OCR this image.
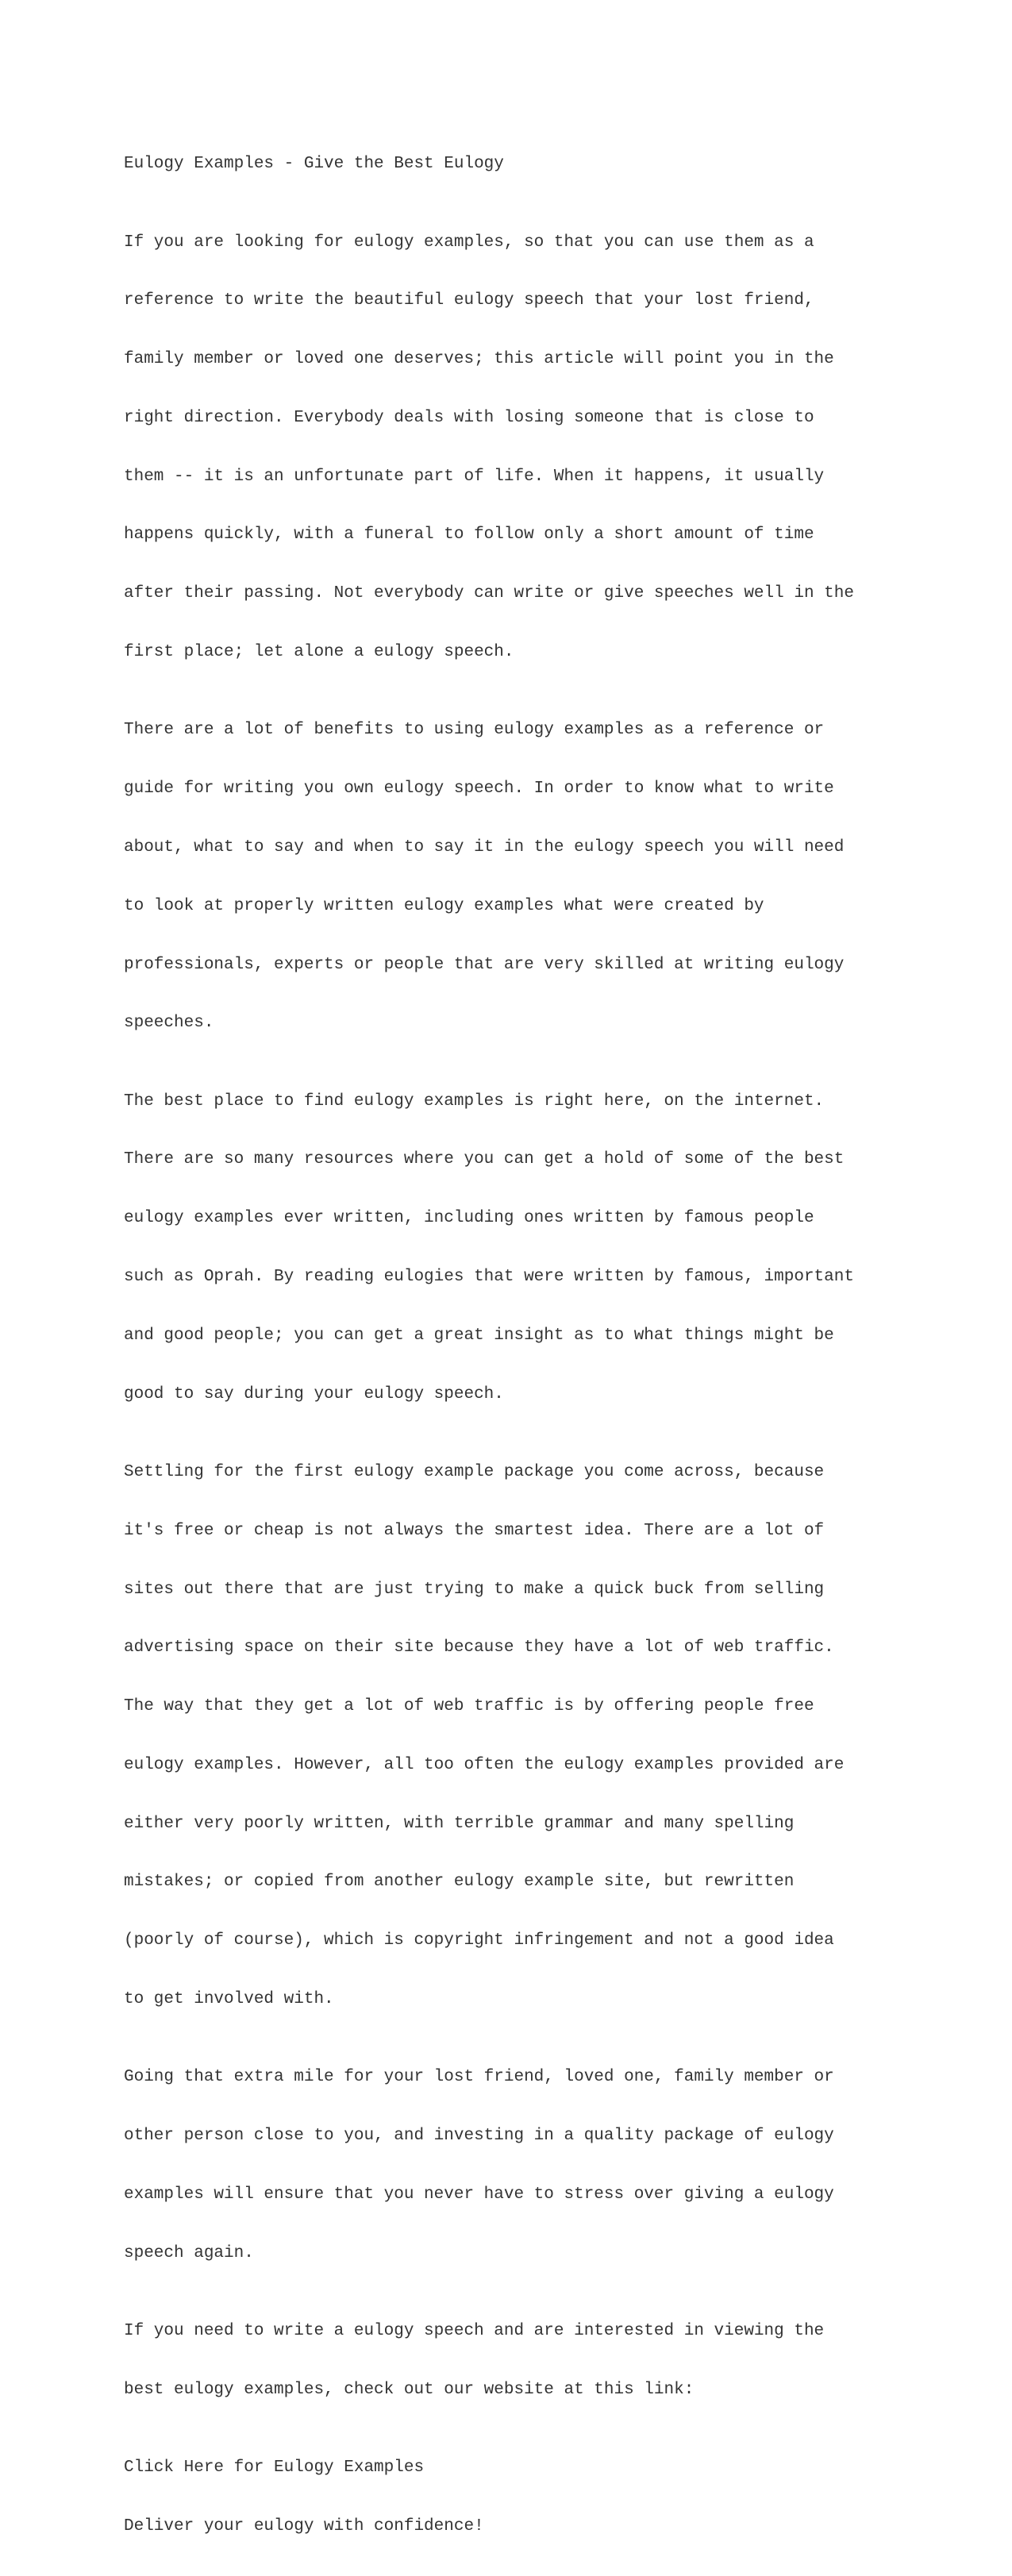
Eulogy Examples - Give the Best Eulogy

If you are looking for eulogy examples, so that you can use them as a

reference to write the beautiful eulogy speech that your lost friend,

family member or loved one deserves; this article will point you in the

right direction. Everybody deals with losing someone that is close to

them -- it is an unfortunate part of life. When it happens, it usually

happens quickly, with a funeral to follow only a short amount of time

after their passing. Not everybody can write or give speeches well in the

first place; let alone a eulogy speech.

There are a lot of benefits to using eulogy examples as a reference or

guide for writing you own eulogy speech. In order to know what to write

about, what to say and when to say it in the eulogy speech you will need

to look at properly written eulogy examples what were created by

professionals, experts or people that are very skilled at writing eulogy

speeches.

The best place to find eulogy examples is right here, on the internet.

There are so many resources where you can get a hold of some of the best

eulogy examples ever written, including ones written by famous people

such as Oprah. By reading eulogies that were written by famous, important

and good people; you can get a great insight as to what things might be

good to say during your eulogy speech.

Settling for the first eulogy example package you come across, because

it's free or cheap is not always the smartest idea. There are a lot of

sites out there that are just trying to make a quick buck from selling

advertising space on their site because they have a lot of web traffic.

The way that they get a lot of web traffic is by offering people free

eulogy examples. However, all too often the eulogy examples provided are

either very poorly written, with terrible grammar and many spelling

mistakes; or copied from another eulogy example site, but rewritten

(poorly of course), which is copyright infringement and not a good idea

to get involved with.

Going that extra mile for your lost friend, loved one, family member or

other person close to you, and investing in a quality package of eulogy

examples will ensure that you never have to stress over giving a eulogy

speech again.

If you need to write a eulogy speech and are interested in viewing the

best eulogy examples, check out our website at this link:

Click Here for Eulogy Examples

Deliver your eulogy with confidence!
